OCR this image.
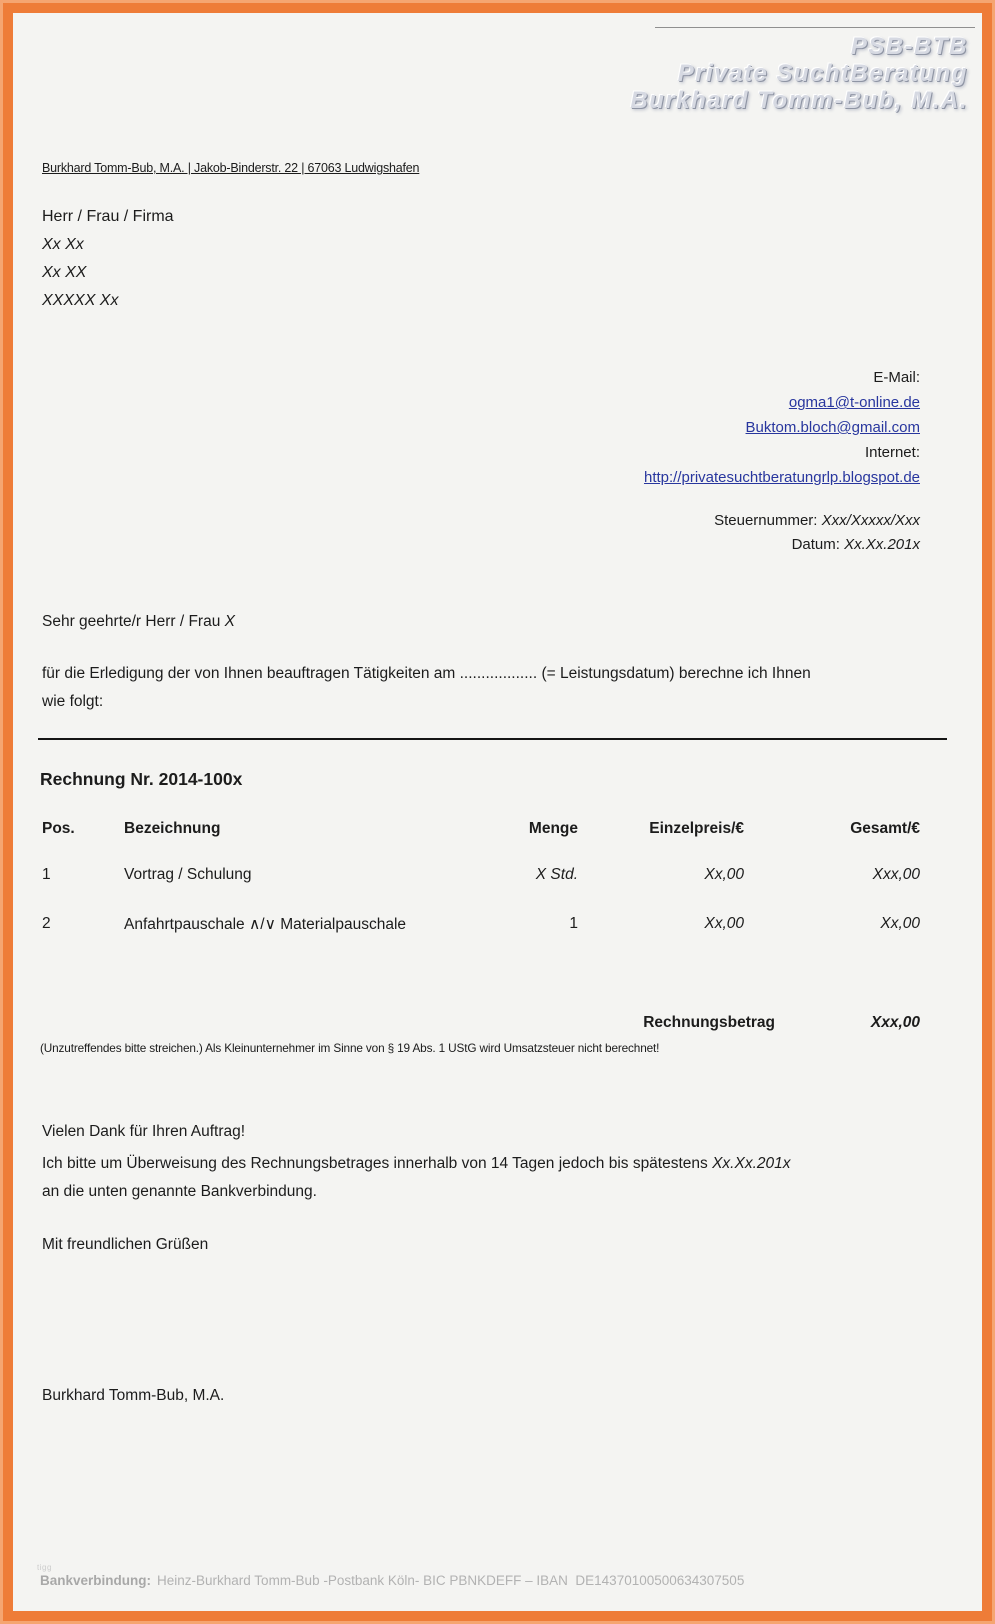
PSB-BTB
Private SuchtBeratung
Burkhard Tomm-Bub, M.A.
Burkhard Tomm-Bub, M.A. | Jakob-Binderstr. 22 | 67063 Ludwigshafen
Herr / Frau / Firma
Xx Xx
Xx XX
XXXXX Xx
E-Mail:
ogma1@t-online.de
Buktom.bloch@gmail.com
Internet:
http://privatesuchtberatungrlp.blogspot.de
Steuernummer: Xxx/Xxxxx/Xxx
Datum: Xx.Xx.201x
Sehr geehrte/r Herr / Frau X
für die Erledigung der von Ihnen beauftragen Tätigkeiten am .................. (= Leistungsdatum) berechne ich Ihnen
wie folgt:
Rechnung Nr. 2014-100x
Pos.	Bezeichnung	Menge	Einzelpreis/€	Gesamt/€
1	Vortrag / Schulung	X Std.	Xx,00	Xxx,00
2	Anfahrtpauschale ∧/∨ Materialpauschale	1	Xx,00	Xx,00
Rechnungsbetrag	Xxx,00
(Unzutreffendes bitte streichen.) Als Kleinunternehmer im Sinne von § 19 Abs. 1 UStG wird Umsatzsteuer nicht berechnet!
Vielen Dank für Ihren Auftrag!
Ich bitte um Überweisung des Rechnungsbetrages innerhalb von 14 Tagen jedoch bis spätestens Xx.Xx.201x
an die unten genannte Bankverbindung.
Mit freundlichen Grüßen
Burkhard Tomm-Bub, M.A.
tigg
Bankverbindung: Heinz-Burkhard Tomm-Bub -Postbank Köln- BIC PBNKDEFF – IBAN  DE14370100500634307505
